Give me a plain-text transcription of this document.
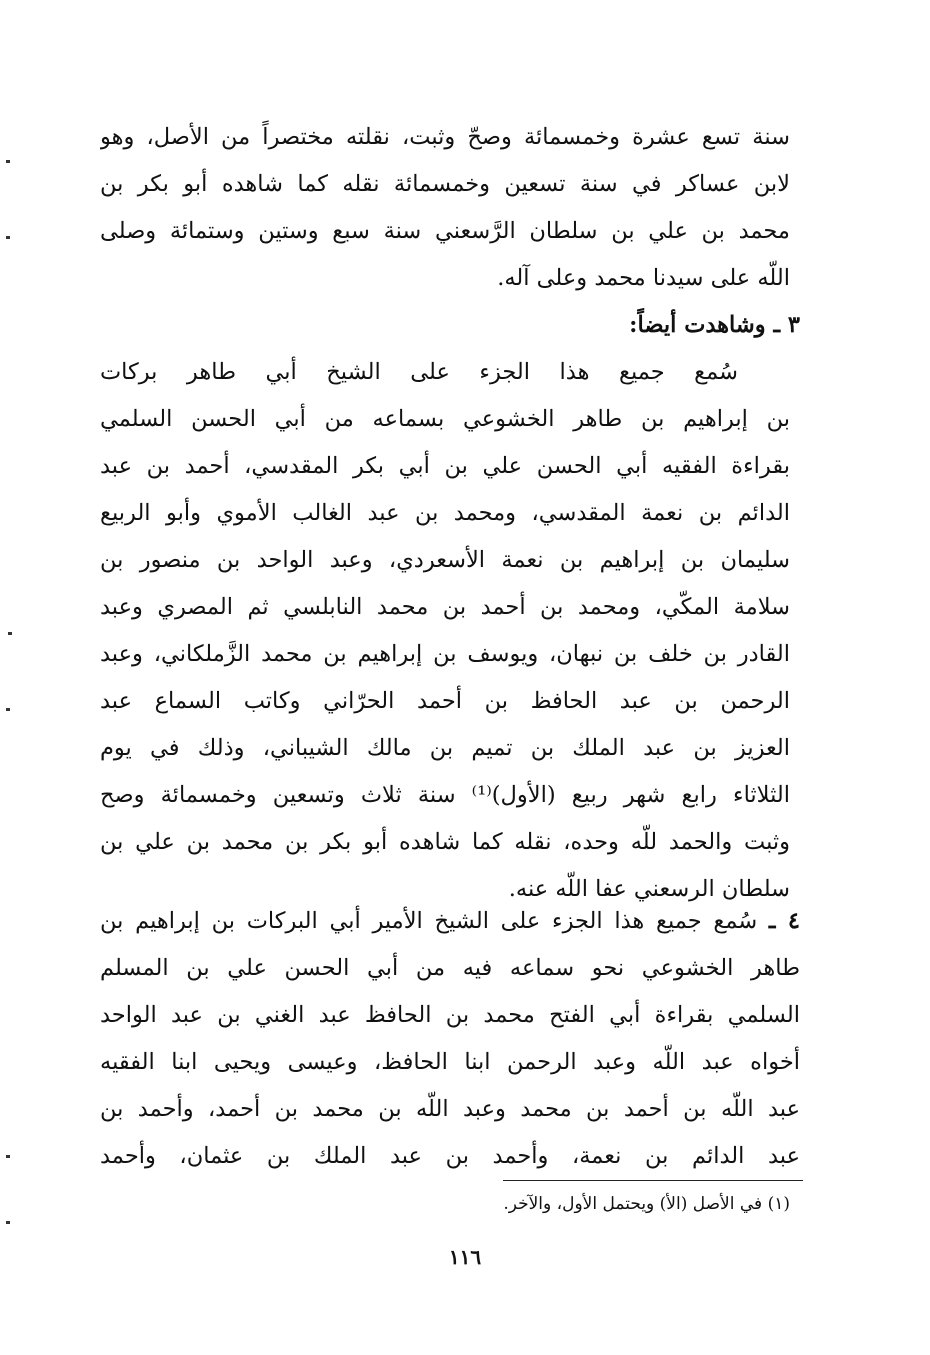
سنة تسع عشرة وخمسمائة وصحّ وثبت، نقلته مختصراً من الأصل، وهو
لابن عساكر في سنة تسعين وخمسمائة نقله كما شاهده أبو بكر بن
محمد بن علي بن سلطان الرَّسعني سنة سبع وستين وستمائة وصلى
اللّه على سيدنا محمد وعلى آله.
٣ ـ وشاهدت أيضاً:
سُمع جميع هذا الجزء على الشيخ أبي طاهر بركات
بن إبراهيم بن طاهر الخشوعي بسماعه من أبي الحسن السلمي
بقراءة الفقيه أبي الحسن علي بن أبي بكر المقدسي، أحمد بن عبد
الدائم بن نعمة المقدسي، ومحمد بن عبد الغالب الأموي وأبو الربيع
سليمان بن إبراهيم بن نعمة الأسعردي، وعبد الواحد بن منصور بن
سلامة المكّي، ومحمد بن أحمد بن محمد النابلسي ثم المصري وعبد
القادر بن خلف بن نبهان، ويوسف بن إبراهيم بن محمد الزَّملكاني، وعبد
الرحمن بن عبد الحافظ بن أحمد الحرّاني وكاتب السماع عبد
العزيز بن عبد الملك بن تميم بن مالك الشيباني، وذلك في يوم
الثلاثاء رابع شهر ربيع (الأول)⁽¹⁾ سنة ثلاث وتسعين وخمسمائة وصح
وثبت والحمد للّه وحده، نقله كما شاهده أبو بكر بن محمد بن علي بن
سلطان الرسعني عفا اللّه عنه.
٤ ـ سُمع جميع هذا الجزء على الشيخ الأمير أبي البركات بن إبراهيم بن
طاهر الخشوعي نحو سماعه فيه من أبي الحسن علي بن المسلم
السلمي بقراءة أبي الفتح محمد بن الحافظ عبد الغني بن عبد الواحد
أخواه عبد اللّه وعبد الرحمن ابنا الحافظ، وعيسى ويحيى ابنا الفقيه
عبد اللّه بن أحمد بن محمد وعبد اللّه بن محمد بن أحمد، وأحمد بن
عبد الدائم بن نعمة، وأحمد بن عبد الملك بن عثمان، وأحمد
(١) في الأصل (الأ) ويحتمل الأول، والآخر.
١١٦
